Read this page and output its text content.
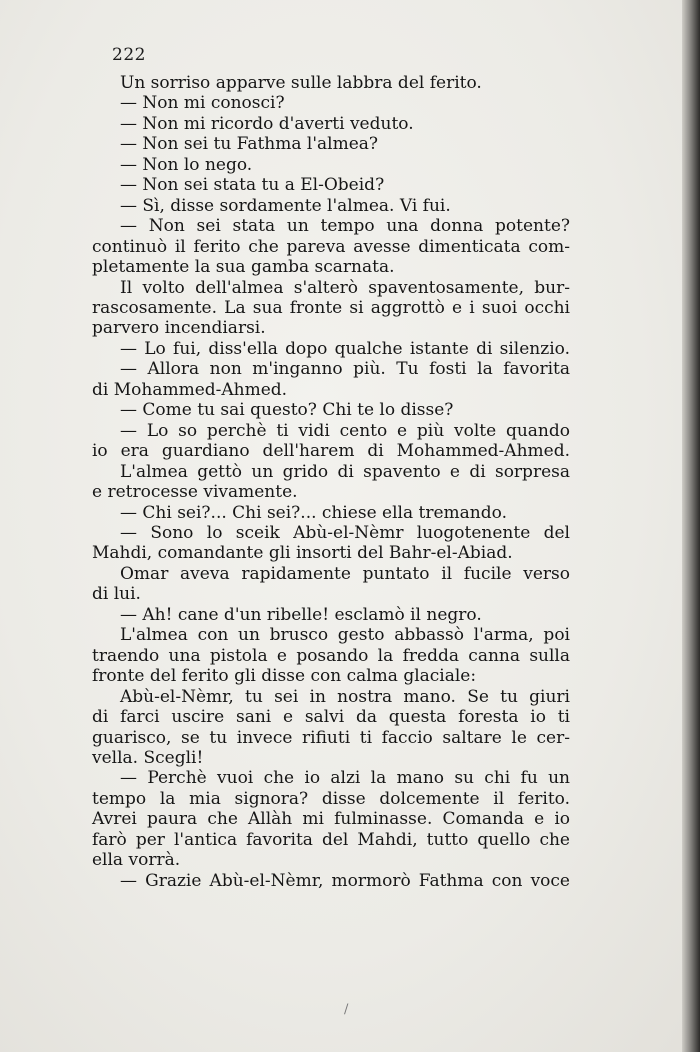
222
Un sorriso apparve sulle labbra del ferito.
— Non mi conosci?
— Non mi ricordo d'averti veduto.
— Non sei tu Fathma l'almea?
— Non lo nego.
— Non sei stata tu a El-Obeid?
— Sì, disse sordamente l'almea. Vi fui.
— Non sei stata un tempo una donna potente?
continuò il ferito che pareva avesse dimenticata com-
pletamente la sua gamba scarnata.
Il volto dell'almea s'alterò spaventosamente, bur-
rascosamente. La sua fronte si aggrottò e i suoi occhi
parvero incendiarsi.
— Lo fui, diss'ella dopo qualche istante di silenzio.
— Allora non m'inganno più. Tu fosti la favorita
di Mohammed-Ahmed.
— Come tu sai questo? Chi te lo disse?
— Lo so perchè ti vidi cento e più volte quando
io era guardiano dell'harem di Mohammed-Ahmed.
L'almea gettò un grido di spavento e di sorpresa
e retrocesse vivamente.
— Chi sei?... Chi sei?... chiese ella tremando.
— Sono lo sceik Abù-el-Nèmr luogotenente del
Mahdi, comandante gli insorti del Bahr-el-Abiad.
Omar aveva rapidamente puntato il fucile verso
di lui.
— Ah! cane d'un ribelle! esclamò il negro.
L'almea con un brusco gesto abbassò l'arma, poi
traendo una pistola e posando la fredda canna sulla
fronte del ferito gli disse con calma glaciale:
Abù-el-Nèmr, tu sei in nostra mano. Se tu giuri
di farci uscire sani e salvi da questa foresta io ti
guarisco, se tu invece rifiuti ti faccio saltare le cer-
vella. Scegli!
— Perchè vuoi che io alzi la mano su chi fu un
tempo la mia signora? disse dolcemente il ferito.
Avrei paura che Allàh mi fulminasse. Comanda e io
farò per l'antica favorita del Mahdi, tutto quello che
ella vorrà.
— Grazie Abù-el-Nèmr, mormorò Fathma con voce
/
